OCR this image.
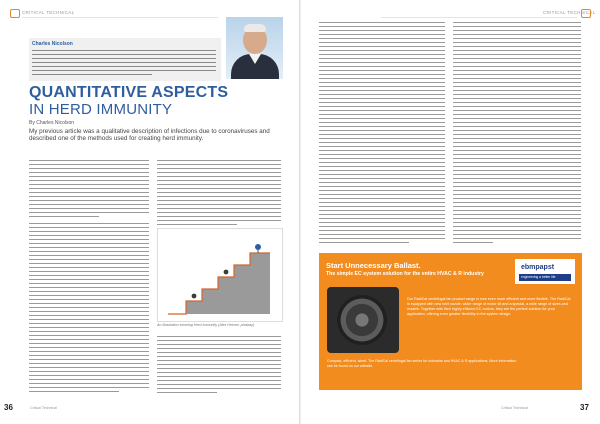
CRITICAL TECHNICAL
Charles Nicolson
QUANTITATIVE ASPECTS
IN HERD IMMUNITY
By Charles Nicolson
My previous article was a qualitative description of infections due to coronaviruses and described one of the methods used for creating herd immunity.
An illustration showing Herd Immunity (Alex Helmer, pixabay)
36	Critical Technical
CRITICAL TECHNICAL
Start Unnecessary Ballast.
The simple EC system solution for the entire HVAC & R industry
ebmpapst
engineering a better life
Our RadiCal centrifugal fan product range is now even more efficient and more flexible. The RadiCal is equipped with new inlet nozzle, wider range of motor kit and a special, a wide range of sizes and models. Together with their highly efficient EC motors, they are the perfect solution for your application, offering even greater flexibility in the system design.
Compact, efficient, silent. The RadiCal centrifugal fan series for industrial and HVAC & R applications. More information can be found on our website.
Critical Technical	37
